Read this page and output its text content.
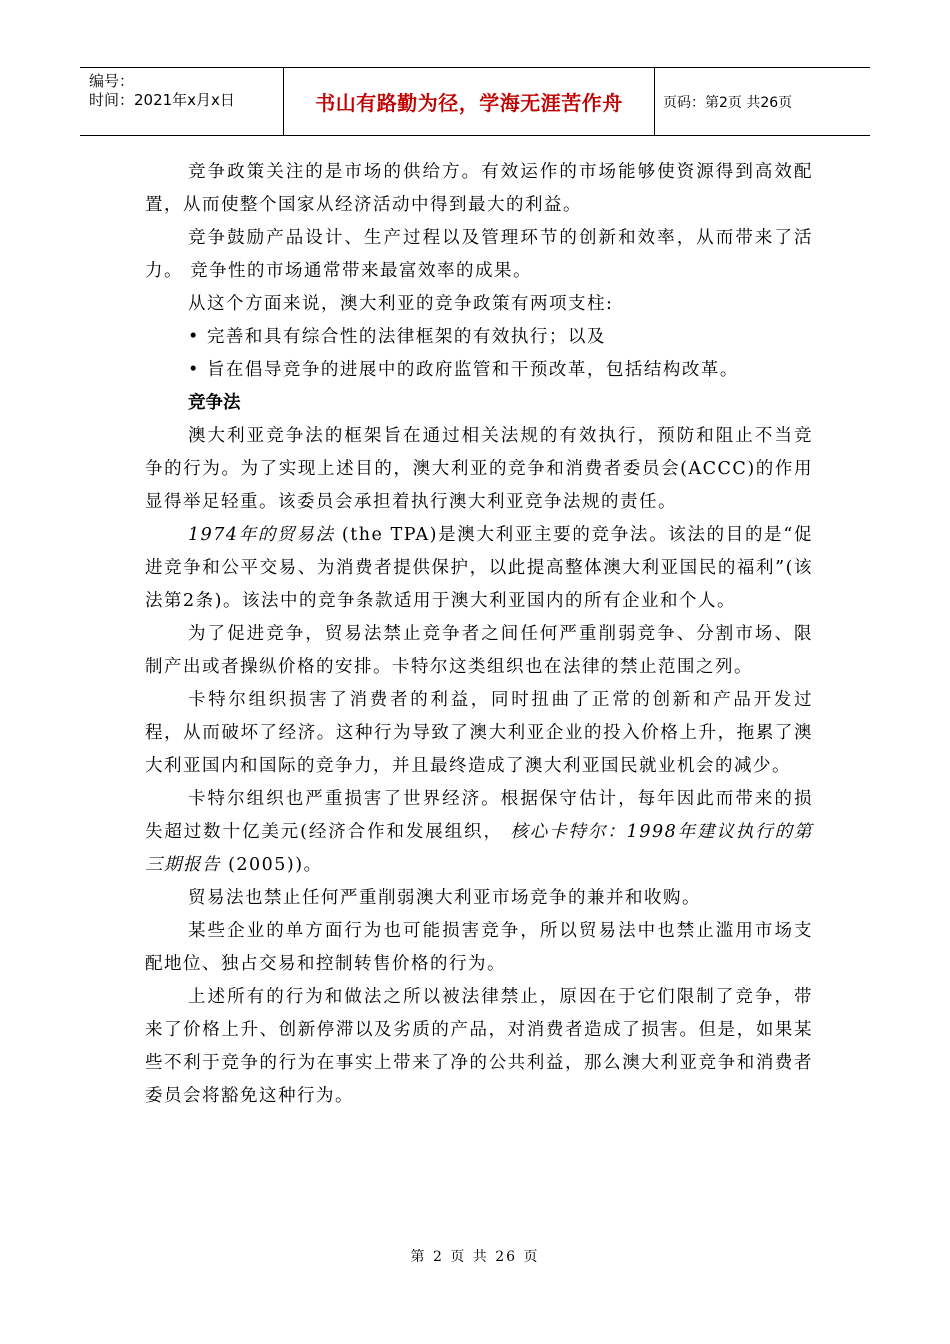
编号：
时间：2021年x月x日	书山有路勤为径，学海无涯苦作舟	页码：第2页 共26页

竞争政策关注的是市场的供给方。有效运作的市场能够使资源得到高效配置，从而使整个国家从经济活动中得到最大的利益。

竞争鼓励产品设计、生产过程以及管理环节的创新和效率，从而带来了活力。 竞争性的市场通常带来最富效率的成果。

从这个方面来说，澳大利亚的竞争政策有两项支柱:

• 完善和具有综合性的法律框架的有效执行；以及

• 旨在倡导竞争的进展中的政府监管和干预改革，包括结构改革。

竞争法

澳大利亚竞争法的框架旨在通过相关法规的有效执行，预防和阻止不当竞争的行为。为了实现上述目的，澳大利亚的竞争和消费者委员会(ACCC)的作用显得举足轻重。该委员会承担着执行澳大利亚竞争法规的责任。

1974年的贸易法 (the TPA)是澳大利亚主要的竞争法。该法的目的是“促进竞争和公平交易、为消费者提供保护，以此提高整体澳大利亚国民的福利”(该法第2条)。该法中的竞争条款适用于澳大利亚国内的所有企业和个人。

为了促进竞争，贸易法禁止竞争者之间任何严重削弱竞争、分割市场、限制产出或者操纵价格的安排。卡特尔这类组织也在法律的禁止范围之列。

卡特尔组织损害了消费者的利益，同时扭曲了正常的创新和产品开发过程，从而破坏了经济。这种行为导致了澳大利亚企业的投入价格上升，拖累了澳大利亚国内和国际的竞争力，并且最终造成了澳大利亚国民就业机会的减少。

卡特尔组织也严重损害了世界经济。根据保守估计，每年因此而带来的损失超过数十亿美元(经济合作和发展组织， 核心卡特尔：1998年建议执行的第三期报告 (2005))。

贸易法也禁止任何严重削弱澳大利亚市场竞争的兼并和收购。

某些企业的单方面行为也可能损害竞争，所以贸易法中也禁止滥用市场支配地位、独占交易和控制转售价格的行为。

上述所有的行为和做法之所以被法律禁止，原因在于它们限制了竞争，带来了价格上升、创新停滞以及劣质的产品，对消费者造成了损害。但是，如果某些不利于竞争的行为在事实上带来了净的公共利益，那么澳大利亚竞争和消费者委员会将豁免这种行为。

第 2 页 共 26 页
